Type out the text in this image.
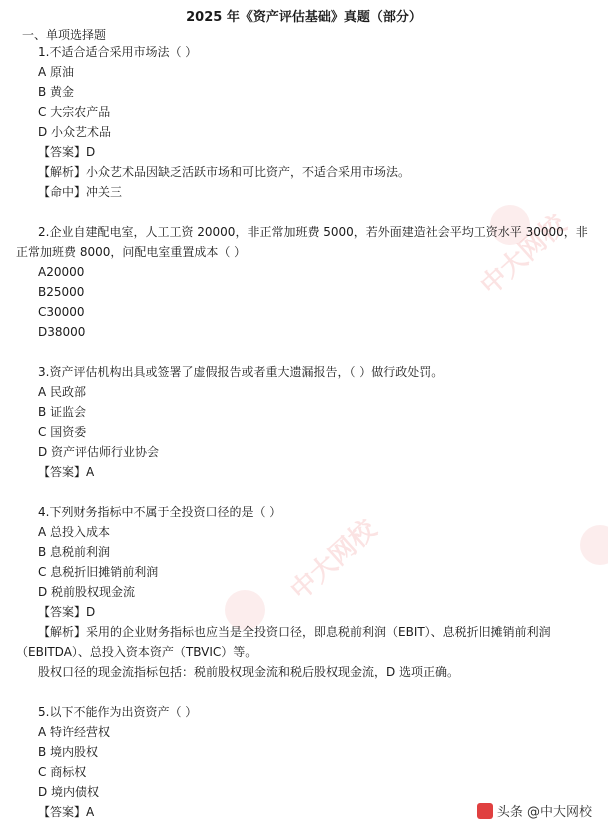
中大网校
中大网校
2025 年《资产评估基础》真题（部分）
一、单项选择题
1.不适合适合采用市场法（ ）
A 原油
B 黄金
C 大宗农产品
D 小众艺术品
【答案】D
【解析】小众艺术品因缺乏活跃市场和可比资产，不适合采用市场法。
【命中】冲关三
2.企业自建配电室，人工工资 20000，非正常加班费 5000，若外面建造社会平均工资水平 30000，非
正常加班费 8000，问配电室重置成本（ ）
A20000
B25000
C30000
D38000
3.资产评估机构出具或签署了虚假报告或者重大遗漏报告，（ ）做行政处罚。
A 民政部
B 证监会
C 国资委
D 资产评估师行业协会
【答案】A
4.下列财务指标中不属于全投资口径的是（ ）
A 总投入成本
B 息税前利润
C 息税折旧摊销前利润
D 税前股权现金流
【答案】D
【解析】采用的企业财务指标也应当是全投资口径，即息税前利润（EBIT）、息税折旧摊销前利润
（EBITDA）、总投入资本资产（TBVIC）等。
股权口径的现金流指标包括：税前股权现金流和税后股权现金流，D 选项正确。
5.以下不能作为出资资产（ ）
A 特许经营权
B 境内股权
C 商标权
D 境内债权
【答案】A	头条 @中大网校
